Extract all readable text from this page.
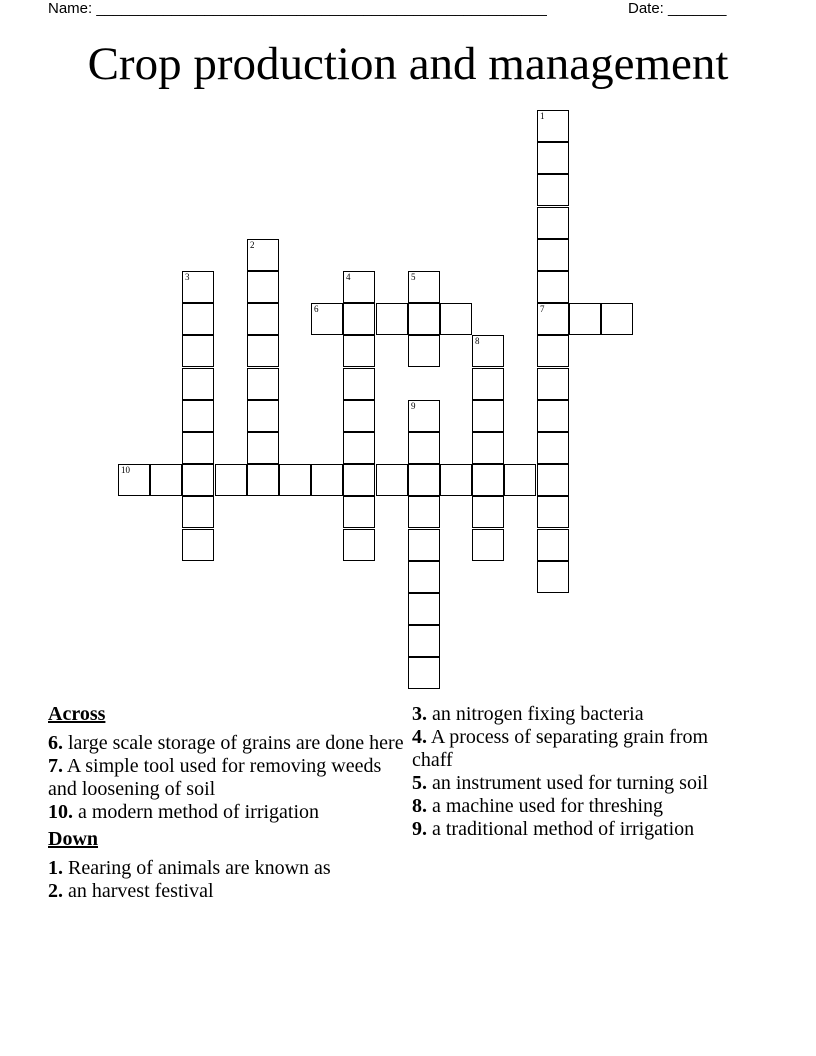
Name: ______________________________________________________	Date: _______
Crop production and management
1
7
2
3	4	5
6
8
9
10
Across
6. large scale storage of grains are done here
7. A simple tool used for removing weeds and loosening of soil
10. a modern method of irrigation
Down
1. Rearing of animals are known as
2. an harvest festival
3. an nitrogen fixing bacteria
4. A process of separating grain from chaff
5. an instrument used for turning soil
8. a machine used for threshing
9. a traditional method of irrigation
